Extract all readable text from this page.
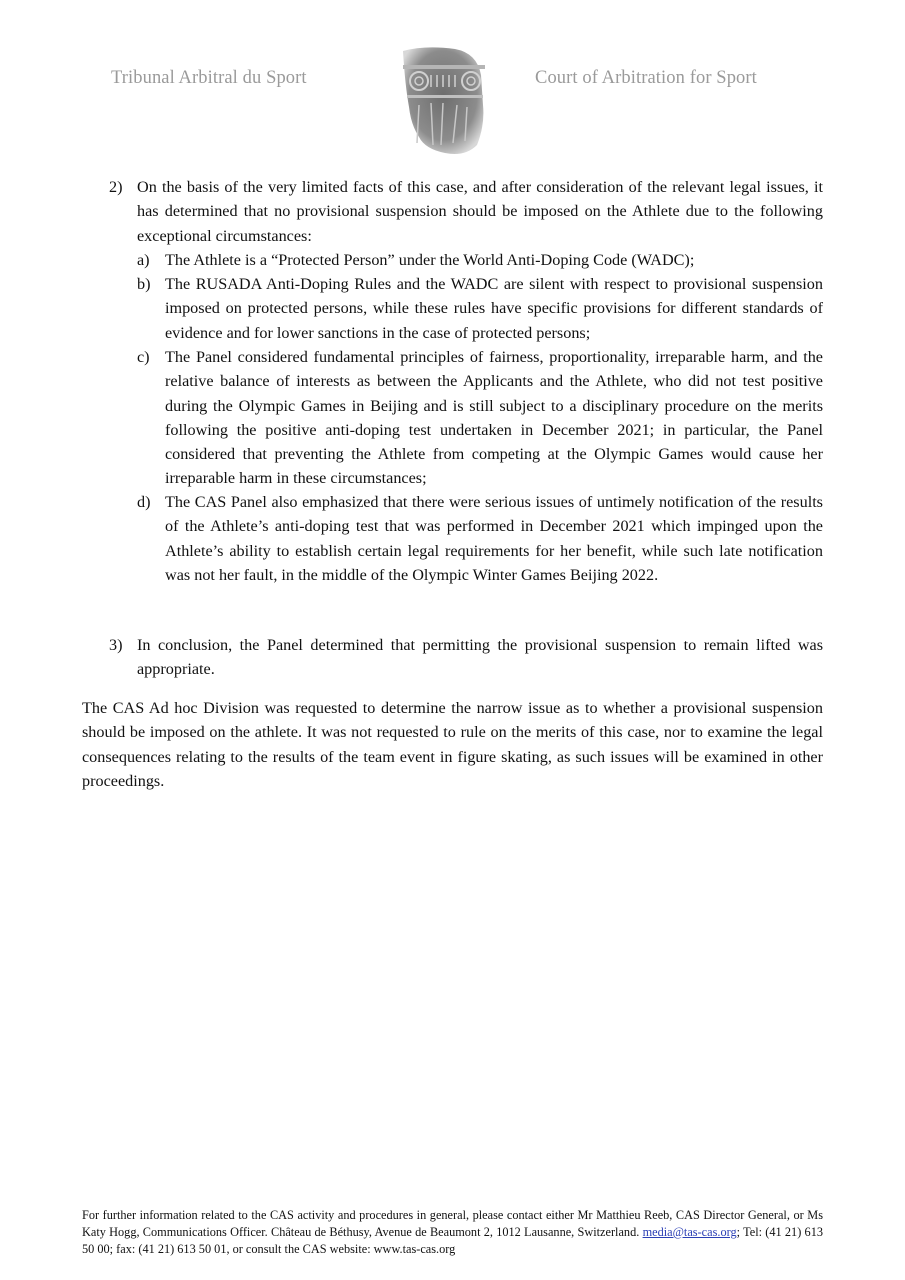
Tribunal Arbitral du Sport	Court of Arbitration for Sport
2) On the basis of the very limited facts of this case, and after consideration of the relevant legal issues, it has determined that no provisional suspension should be imposed on the Athlete due to the following exceptional circumstances:

a) The Athlete is a “Protected Person” under the World Anti-Doping Code (WADC);

b) The RUSADA Anti-Doping Rules and the WADC are silent with respect to provisional suspension imposed on protected persons, while these rules have specific provisions for different standards of evidence and for lower sanctions in the case of protected persons;

c) The Panel considered fundamental principles of fairness, proportionality, irreparable harm, and the relative balance of interests as between the Applicants and the Athlete, who did not test positive during the Olympic Games in Beijing and is still subject to a disciplinary procedure on the merits following the positive anti-doping test undertaken in December 2021; in particular, the Panel considered that preventing the Athlete from competing at the Olympic Games would cause her irreparable harm in these circumstances;

d) The CAS Panel also emphasized that there were serious issues of untimely notification of the results of the Athlete’s anti-doping test that was performed in December 2021 which impinged upon the Athlete’s ability to establish certain legal requirements for her benefit, while such late notification was not her fault, in the middle of the Olympic Winter Games Beijing 2022.

3) In conclusion, the Panel determined that permitting the provisional suspension to remain lifted was appropriate.

The CAS Ad hoc Division was requested to determine the narrow issue as to whether a provisional suspension should be imposed on the athlete. It was not requested to rule on the merits of this case, nor to examine the legal consequences relating to the results of the team event in figure skating, as such issues will be examined in other proceedings.

For further information related to the CAS activity and procedures in general, please contact either Mr Matthieu Reeb, CAS Director General, or Ms Katy Hogg, Communications Officer. Château de Béthusy, Avenue de Beaumont 2, 1012 Lausanne, Switzerland. media@tas-cas.org; Tel: (41 21) 613 50 00; fax: (41 21) 613 50 01, or consult the CAS website: www.tas-cas.org
